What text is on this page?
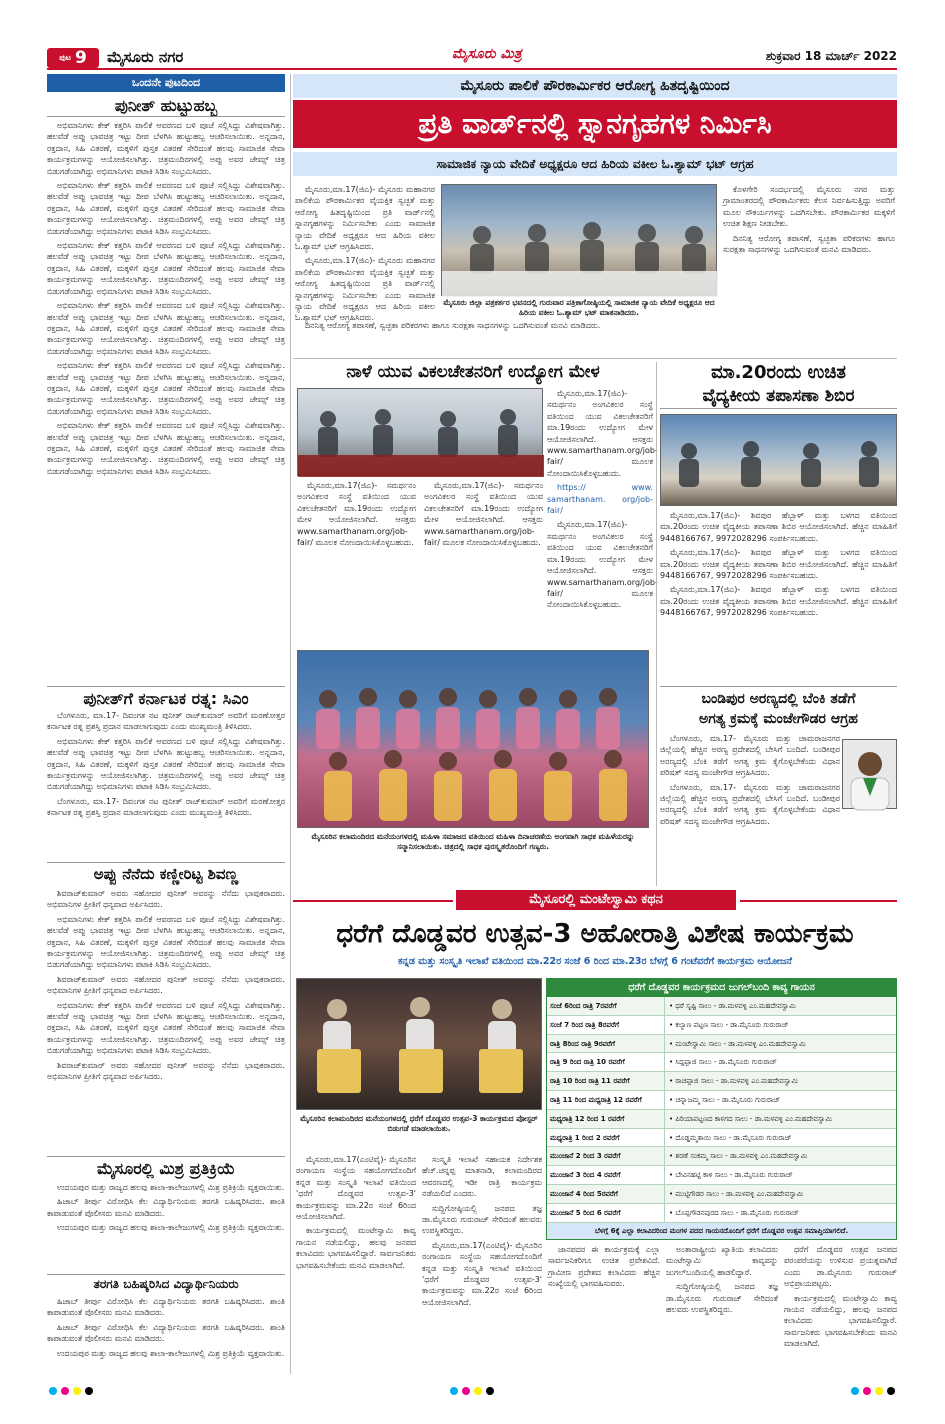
ಪುಟ 9 ಮೈಸೂರು ನಗರ	ಮೈಸೂರು ಮಿತ್ರ	ಶುಕ್ರವಾರ 18 ಮಾರ್ಚ್ 2022
ಒಂದನೇ ಪುಟದಿಂದ
ಪುನೀತ್ ಹುಟ್ಟುಹಬ್ಬ

ಅಭಿಮಾನಿಗಳು ಕೇಕ್ ಕತ್ತರಿಸಿ ಪಾಲಿಕೆ ಆವರಣದ ಬಳಿ ಪೂಜೆ ಸಲ್ಲಿಸಿದ್ದು ವಿಶೇಷವಾಗಿತ್ತು. ಹಲವೆಡೆ ಅಪ್ಪು ಭಾವಚಿತ್ರ ಇಟ್ಟು ದೀಪ ಬೆಳಗಿಸಿ ಹುಟ್ಟುಹಬ್ಬ ಆಚರಿಸಲಾಯಿತು. ಅನ್ನದಾನ, ರಕ್ತದಾನ, ಸಿಹಿ ವಿತರಣೆ, ಮಕ್ಕಳಿಗೆ ಪುಸ್ತಕ ವಿತರಣೆ ಸೇರಿದಂತೆ ಹಲವು ಸಾಮಾಜಿಕ ಸೇವಾ ಕಾರ್ಯಕ್ರಮಗಳನ್ನು ಆಯೋಜಿಸಲಾಗಿತ್ತು. ಚಿತ್ರಮಂದಿರಗಳಲ್ಲಿ ಅಪ್ಪು ಅವರ ಜೇಮ್ಸ್ ಚಿತ್ರ ಬಿಡುಗಡೆಯಾಗಿದ್ದು ಅಭಿಮಾನಿಗಳು ಪಟಾಕಿ ಸಿಡಿಸಿ ಸಂಭ್ರಮಿಸಿದರು.

ಅಭಿಮಾನಿಗಳು ಕೇಕ್ ಕತ್ತರಿಸಿ ಪಾಲಿಕೆ ಆವರಣದ ಬಳಿ ಪೂಜೆ ಸಲ್ಲಿಸಿದ್ದು ವಿಶೇಷವಾಗಿತ್ತು. ಹಲವೆಡೆ ಅಪ್ಪು ಭಾವಚಿತ್ರ ಇಟ್ಟು ದೀಪ ಬೆಳಗಿಸಿ ಹುಟ್ಟುಹಬ್ಬ ಆಚರಿಸಲಾಯಿತು. ಅನ್ನದಾನ, ರಕ್ತದಾನ, ಸಿಹಿ ವಿತರಣೆ, ಮಕ್ಕಳಿಗೆ ಪುಸ್ತಕ ವಿತರಣೆ ಸೇರಿದಂತೆ ಹಲವು ಸಾಮಾಜಿಕ ಸೇವಾ ಕಾರ್ಯಕ್ರಮಗಳನ್ನು ಆಯೋಜಿಸಲಾಗಿತ್ತು. ಚಿತ್ರಮಂದಿರಗಳಲ್ಲಿ ಅಪ್ಪು ಅವರ ಜೇಮ್ಸ್ ಚಿತ್ರ ಬಿಡುಗಡೆಯಾಗಿದ್ದು ಅಭಿಮಾನಿಗಳು ಪಟಾಕಿ ಸಿಡಿಸಿ ಸಂಭ್ರಮಿಸಿದರು.

ಅಭಿಮಾನಿಗಳು ಕೇಕ್ ಕತ್ತರಿಸಿ ಪಾಲಿಕೆ ಆವರಣದ ಬಳಿ ಪೂಜೆ ಸಲ್ಲಿಸಿದ್ದು ವಿಶೇಷವಾಗಿತ್ತು. ಹಲವೆಡೆ ಅಪ್ಪು ಭಾವಚಿತ್ರ ಇಟ್ಟು ದೀಪ ಬೆಳಗಿಸಿ ಹುಟ್ಟುಹಬ್ಬ ಆಚರಿಸಲಾಯಿತು. ಅನ್ನದಾನ, ರಕ್ತದಾನ, ಸಿಹಿ ವಿತರಣೆ, ಮಕ್ಕಳಿಗೆ ಪುಸ್ತಕ ವಿತರಣೆ ಸೇರಿದಂತೆ ಹಲವು ಸಾಮಾಜಿಕ ಸೇವಾ ಕಾರ್ಯಕ್ರಮಗಳನ್ನು ಆಯೋಜಿಸಲಾಗಿತ್ತು. ಚಿತ್ರಮಂದಿರಗಳಲ್ಲಿ ಅಪ್ಪು ಅವರ ಜೇಮ್ಸ್ ಚಿತ್ರ ಬಿಡುಗಡೆಯಾಗಿದ್ದು ಅಭಿಮಾನಿಗಳು ಪಟಾಕಿ ಸಿಡಿಸಿ ಸಂಭ್ರಮಿಸಿದರು.

ಅಭಿಮಾನಿಗಳು ಕೇಕ್ ಕತ್ತರಿಸಿ ಪಾಲಿಕೆ ಆವರಣದ ಬಳಿ ಪೂಜೆ ಸಲ್ಲಿಸಿದ್ದು ವಿಶೇಷವಾಗಿತ್ತು. ಹಲವೆಡೆ ಅಪ್ಪು ಭಾವಚಿತ್ರ ಇಟ್ಟು ದೀಪ ಬೆಳಗಿಸಿ ಹುಟ್ಟುಹಬ್ಬ ಆಚರಿಸಲಾಯಿತು. ಅನ್ನದಾನ, ರಕ್ತದಾನ, ಸಿಹಿ ವಿತರಣೆ, ಮಕ್ಕಳಿಗೆ ಪುಸ್ತಕ ವಿತರಣೆ ಸೇರಿದಂತೆ ಹಲವು ಸಾಮಾಜಿಕ ಸೇವಾ ಕಾರ್ಯಕ್ರಮಗಳನ್ನು ಆಯೋಜಿಸಲಾಗಿತ್ತು. ಚಿತ್ರಮಂದಿರಗಳಲ್ಲಿ ಅಪ್ಪು ಅವರ ಜೇಮ್ಸ್ ಚಿತ್ರ ಬಿಡುಗಡೆಯಾಗಿದ್ದು ಅಭಿಮಾನಿಗಳು ಪಟಾಕಿ ಸಿಡಿಸಿ ಸಂಭ್ರಮಿಸಿದರು.

ಅಭಿಮಾನಿಗಳು ಕೇಕ್ ಕತ್ತರಿಸಿ ಪಾಲಿಕೆ ಆವರಣದ ಬಳಿ ಪೂಜೆ ಸಲ್ಲಿಸಿದ್ದು ವಿಶೇಷವಾಗಿತ್ತು. ಹಲವೆಡೆ ಅಪ್ಪು ಭಾವಚಿತ್ರ ಇಟ್ಟು ದೀಪ ಬೆಳಗಿಸಿ ಹುಟ್ಟುಹಬ್ಬ ಆಚರಿಸಲಾಯಿತು. ಅನ್ನದಾನ, ರಕ್ತದಾನ, ಸಿಹಿ ವಿತರಣೆ, ಮಕ್ಕಳಿಗೆ ಪುಸ್ತಕ ವಿತರಣೆ ಸೇರಿದಂತೆ ಹಲವು ಸಾಮಾಜಿಕ ಸೇವಾ ಕಾರ್ಯಕ್ರಮಗಳನ್ನು ಆಯೋಜಿಸಲಾಗಿತ್ತು. ಚಿತ್ರಮಂದಿರಗಳಲ್ಲಿ ಅಪ್ಪು ಅವರ ಜೇಮ್ಸ್ ಚಿತ್ರ ಬಿಡುಗಡೆಯಾಗಿದ್ದು ಅಭಿಮಾನಿಗಳು ಪಟಾಕಿ ಸಿಡಿಸಿ ಸಂಭ್ರಮಿಸಿದರು.

ಅಭಿಮಾನಿಗಳು ಕೇಕ್ ಕತ್ತರಿಸಿ ಪಾಲಿಕೆ ಆವರಣದ ಬಳಿ ಪೂಜೆ ಸಲ್ಲಿಸಿದ್ದು ವಿಶೇಷವಾಗಿತ್ತು. ಹಲವೆಡೆ ಅಪ್ಪು ಭಾವಚಿತ್ರ ಇಟ್ಟು ದೀಪ ಬೆಳಗಿಸಿ ಹುಟ್ಟುಹಬ್ಬ ಆಚರಿಸಲಾಯಿತು. ಅನ್ನದಾನ, ರಕ್ತದಾನ, ಸಿಹಿ ವಿತರಣೆ, ಮಕ್ಕಳಿಗೆ ಪುಸ್ತಕ ವಿತರಣೆ ಸೇರಿದಂತೆ ಹಲವು ಸಾಮಾಜಿಕ ಸೇವಾ ಕಾರ್ಯಕ್ರಮಗಳನ್ನು ಆಯೋಜಿಸಲಾಗಿತ್ತು. ಚಿತ್ರಮಂದಿರಗಳಲ್ಲಿ ಅಪ್ಪು ಅವರ ಜೇಮ್ಸ್ ಚಿತ್ರ ಬಿಡುಗಡೆಯಾಗಿದ್ದು ಅಭಿಮಾನಿಗಳು ಪಟಾಕಿ ಸಿಡಿಸಿ ಸಂಭ್ರಮಿಸಿದರು.

ಪುನೀತ್‌ಗೆ ಕರ್ನಾಟಕ ರತ್ನ: ಸಿಎಂ

ಬೆಂಗಳೂರು, ಮಾ.17- ದಿವಂಗತ ನಟ ಪುನೀತ್ ರಾಜ್‌ಕುಮಾರ್ ಅವರಿಗೆ ಮರಣೋತ್ತರ ಕರ್ನಾಟಕ ರತ್ನ ಪ್ರಶಸ್ತಿ ಪ್ರದಾನ ಮಾಡಲಾಗುವುದು ಎಂದು ಮುಖ್ಯಮಂತ್ರಿ ತಿಳಿಸಿದರು.

ಅಭಿಮಾನಿಗಳು ಕೇಕ್ ಕತ್ತರಿಸಿ ಪಾಲಿಕೆ ಆವರಣದ ಬಳಿ ಪೂಜೆ ಸಲ್ಲಿಸಿದ್ದು ವಿಶೇಷವಾಗಿತ್ತು. ಹಲವೆಡೆ ಅಪ್ಪು ಭಾವಚಿತ್ರ ಇಟ್ಟು ದೀಪ ಬೆಳಗಿಸಿ ಹುಟ್ಟುಹಬ್ಬ ಆಚರಿಸಲಾಯಿತು. ಅನ್ನದಾನ, ರಕ್ತದಾನ, ಸಿಹಿ ವಿತರಣೆ, ಮಕ್ಕಳಿಗೆ ಪುಸ್ತಕ ವಿತರಣೆ ಸೇರಿದಂತೆ ಹಲವು ಸಾಮಾಜಿಕ ಸೇವಾ ಕಾರ್ಯಕ್ರಮಗಳನ್ನು ಆಯೋಜಿಸಲಾಗಿತ್ತು. ಚಿತ್ರಮಂದಿರಗಳಲ್ಲಿ ಅಪ್ಪು ಅವರ ಜೇಮ್ಸ್ ಚಿತ್ರ ಬಿಡುಗಡೆಯಾಗಿದ್ದು ಅಭಿಮಾನಿಗಳು ಪಟಾಕಿ ಸಿಡಿಸಿ ಸಂಭ್ರಮಿಸಿದರು.

ಬೆಂಗಳೂರು, ಮಾ.17- ದಿವಂಗತ ನಟ ಪುನೀತ್ ರಾಜ್‌ಕುಮಾರ್ ಅವರಿಗೆ ಮರಣೋತ್ತರ ಕರ್ನಾಟಕ ರತ್ನ ಪ್ರಶಸ್ತಿ ಪ್ರದಾನ ಮಾಡಲಾಗುವುದು ಎಂದು ಮುಖ್ಯಮಂತ್ರಿ ತಿಳಿಸಿದರು.

ಅಪ್ಪು ನೆನೆದು ಕಣ್ಣೀರಿಟ್ಟ ಶಿವಣ್ಣ

ಶಿವರಾಜ್‌ಕುಮಾರ್ ಅವರು ಸಹೋದರ ಪುನೀತ್ ಅವರನ್ನು ನೆನೆದು ಭಾವುಕರಾದರು. ಅಭಿಮಾನಿಗಳ ಪ್ರೀತಿಗೆ ಧನ್ಯವಾದ ಅರ್ಪಿಸಿದರು.

ಅಭಿಮಾನಿಗಳು ಕೇಕ್ ಕತ್ತರಿಸಿ ಪಾಲಿಕೆ ಆವರಣದ ಬಳಿ ಪೂಜೆ ಸಲ್ಲಿಸಿದ್ದು ವಿಶೇಷವಾಗಿತ್ತು. ಹಲವೆಡೆ ಅಪ್ಪು ಭಾವಚಿತ್ರ ಇಟ್ಟು ದೀಪ ಬೆಳಗಿಸಿ ಹುಟ್ಟುಹಬ್ಬ ಆಚರಿಸಲಾಯಿತು. ಅನ್ನದಾನ, ರಕ್ತದಾನ, ಸಿಹಿ ವಿತರಣೆ, ಮಕ್ಕಳಿಗೆ ಪುಸ್ತಕ ವಿತರಣೆ ಸೇರಿದಂತೆ ಹಲವು ಸಾಮಾಜಿಕ ಸೇವಾ ಕಾರ್ಯಕ್ರಮಗಳನ್ನು ಆಯೋಜಿಸಲಾಗಿತ್ತು. ಚಿತ್ರಮಂದಿರಗಳಲ್ಲಿ ಅಪ್ಪು ಅವರ ಜೇಮ್ಸ್ ಚಿತ್ರ ಬಿಡುಗಡೆಯಾಗಿದ್ದು ಅಭಿಮಾನಿಗಳು ಪಟಾಕಿ ಸಿಡಿಸಿ ಸಂಭ್ರಮಿಸಿದರು.

ಶಿವರಾಜ್‌ಕುಮಾರ್ ಅವರು ಸಹೋದರ ಪುನೀತ್ ಅವರನ್ನು ನೆನೆದು ಭಾವುಕರಾದರು. ಅಭಿಮಾನಿಗಳ ಪ್ರೀತಿಗೆ ಧನ್ಯವಾದ ಅರ್ಪಿಸಿದರು.

ಅಭಿಮಾನಿಗಳು ಕೇಕ್ ಕತ್ತರಿಸಿ ಪಾಲಿಕೆ ಆವರಣದ ಬಳಿ ಪೂಜೆ ಸಲ್ಲಿಸಿದ್ದು ವಿಶೇಷವಾಗಿತ್ತು. ಹಲವೆಡೆ ಅಪ್ಪು ಭಾವಚಿತ್ರ ಇಟ್ಟು ದೀಪ ಬೆಳಗಿಸಿ ಹುಟ್ಟುಹಬ್ಬ ಆಚರಿಸಲಾಯಿತು. ಅನ್ನದಾನ, ರಕ್ತದಾನ, ಸಿಹಿ ವಿತರಣೆ, ಮಕ್ಕಳಿಗೆ ಪುಸ್ತಕ ವಿತರಣೆ ಸೇರಿದಂತೆ ಹಲವು ಸಾಮಾಜಿಕ ಸೇವಾ ಕಾರ್ಯಕ್ರಮಗಳನ್ನು ಆಯೋಜಿಸಲಾಗಿತ್ತು. ಚಿತ್ರಮಂದಿರಗಳಲ್ಲಿ ಅಪ್ಪು ಅವರ ಜೇಮ್ಸ್ ಚಿತ್ರ ಬಿಡುಗಡೆಯಾಗಿದ್ದು ಅಭಿಮಾನಿಗಳು ಪಟಾಕಿ ಸಿಡಿಸಿ ಸಂಭ್ರಮಿಸಿದರು.

ಶಿವರಾಜ್‌ಕುಮಾರ್ ಅವರು ಸಹೋದರ ಪುನೀತ್ ಅವರನ್ನು ನೆನೆದು ಭಾವುಕರಾದರು. ಅಭಿಮಾನಿಗಳ ಪ್ರೀತಿಗೆ ಧನ್ಯವಾದ ಅರ್ಪಿಸಿದರು.

ಮೈಸೂರಲ್ಲಿ ಮಿಶ್ರ ಪ್ರತಿಕ್ರಿಯೆ

ಉದಯಪುರ ಮತ್ತು ರಾಜ್ಯದ ಹಲವು ಶಾಲಾ-ಕಾಲೇಜುಗಳಲ್ಲಿ ಮಿಶ್ರ ಪ್ರತಿಕ್ರಿಯೆ ವ್ಯಕ್ತವಾಯಿತು.

ಹಿಜಾಬ್ ತೀರ್ಪು ವಿರೋಧಿಸಿ ಕೆಲ ವಿದ್ಯಾರ್ಥಿನಿಯರು ತರಗತಿ ಬಹಿಷ್ಕರಿಸಿದರು. ಶಾಂತಿ ಕಾಪಾಡುವಂತೆ ಪೊಲೀಸರು ಮನವಿ ಮಾಡಿದರು.

ಉದಯಪುರ ಮತ್ತು ರಾಜ್ಯದ ಹಲವು ಶಾಲಾ-ಕಾಲೇಜುಗಳಲ್ಲಿ ಮಿಶ್ರ ಪ್ರತಿಕ್ರಿಯೆ ವ್ಯಕ್ತವಾಯಿತು.

ತರಗತಿ ಬಹಿಷ್ಕರಿಸಿದ ವಿದ್ಯಾರ್ಥಿನಿಯರು

ಹಿಜಾಬ್ ತೀರ್ಪು ವಿರೋಧಿಸಿ ಕೆಲ ವಿದ್ಯಾರ್ಥಿನಿಯರು ತರಗತಿ ಬಹಿಷ್ಕರಿಸಿದರು. ಶಾಂತಿ ಕಾಪಾಡುವಂತೆ ಪೊಲೀಸರು ಮನವಿ ಮಾಡಿದರು.

ಹಿಜಾಬ್ ತೀರ್ಪು ವಿರೋಧಿಸಿ ಕೆಲ ವಿದ್ಯಾರ್ಥಿನಿಯರು ತರಗತಿ ಬಹಿಷ್ಕರಿಸಿದರು. ಶಾಂತಿ ಕಾಪಾಡುವಂತೆ ಪೊಲೀಸರು ಮನವಿ ಮಾಡಿದರು.

ಉದಯಪುರ ಮತ್ತು ರಾಜ್ಯದ ಹಲವು ಶಾಲಾ-ಕಾಲೇಜುಗಳಲ್ಲಿ ಮಿಶ್ರ ಪ್ರತಿಕ್ರಿಯೆ ವ್ಯಕ್ತವಾಯಿತು.

ಮೈಸೂರು ಪಾಲಿಕೆ ಪೌರಕಾರ್ಮಿಕರ ಆರೋಗ್ಯ ಹಿತದೃಷ್ಟಿಯಿಂದ
ಪ್ರತಿ ವಾರ್ಡ್‌ನಲ್ಲಿ ಸ್ನಾನಗೃಹಗಳ ನಿರ್ಮಿಸಿ
ಸಾಮಾಜಿಕ ನ್ಯಾಯ ವೇದಿಕೆ ಅಧ್ಯಕ್ಷರೂ ಆದ ಹಿರಿಯ ವಕೀಲ ಓ.ಶ್ಯಾಮ್ ಭಟ್ ಆಗ್ರಹ

ಮೈಸೂರು,ಮಾ.17(ಜಿಎ)- ಮೈಸೂರು ಮಹಾನಗರ ಪಾಲಿಕೆಯ ಪೌರಕಾರ್ಮಿಕರ ವೈಯಕ್ತಿಕ ಸ್ವಚ್ಛತೆ ಮತ್ತು ಆರೋಗ್ಯ ಹಿತದೃಷ್ಟಿಯಿಂದ ಪ್ರತಿ ವಾರ್ಡ್‌ನಲ್ಲಿ ಸ್ನಾನಗೃಹಗಳನ್ನು ನಿರ್ಮಿಸಬೇಕು ಎಂದು ಸಾಮಾಜಿಕ ನ್ಯಾಯ ವೇದಿಕೆ ಅಧ್ಯಕ್ಷರೂ ಆದ ಹಿರಿಯ ವಕೀಲ ಓ.ಶ್ಯಾಮ್ ಭಟ್ ಆಗ್ರಹಿಸಿದರು.

ಮೈಸೂರು,ಮಾ.17(ಜಿಎ)- ಮೈಸೂರು ಮಹಾನಗರ ಪಾಲಿಕೆಯ ಪೌರಕಾರ್ಮಿಕರ ವೈಯಕ್ತಿಕ ಸ್ವಚ್ಛತೆ ಮತ್ತು ಆರೋಗ್ಯ ಹಿತದೃಷ್ಟಿಯಿಂದ ಪ್ರತಿ ವಾರ್ಡ್‌ನಲ್ಲಿ ಸ್ನಾನಗೃಹಗಳನ್ನು ನಿರ್ಮಿಸಬೇಕು ಎಂದು ಸಾಮಾಜಿಕ ನ್ಯಾಯ ವೇದಿಕೆ ಅಧ್ಯಕ್ಷರೂ ಆದ ಹಿರಿಯ ವಕೀಲ ಓ.ಶ್ಯಾಮ್ ಭಟ್ ಆಗ್ರಹಿಸಿದರು.

ಮೈಸೂರು ಜಿಲ್ಲಾ ಪತ್ರಕರ್ತರ ಭವನದಲ್ಲಿ ಗುರುವಾರ ಪತ್ರಿಕಾಗೋಷ್ಠಿಯಲ್ಲಿ ಸಾಮಾಜಿಕ ನ್ಯಾಯ ವೇದಿಕೆ ಅಧ್ಯಕ್ಷರೂ ಆದ ಹಿರಿಯ ವಕೀಲ ಓ.ಶ್ಯಾಮ್ ಭಟ್ ಮಾತನಾಡಿದರು.

ಕೊಳಗೇರಿ ಸಂದರ್ಭದಲ್ಲಿ ಮೈಸೂರು ನಗರ ಮತ್ತು ಗ್ರಾಮಾಂತರದಲ್ಲಿ ಪೌರಕಾರ್ಮಿಕರು ಕೆಲಸ ನಿರ್ವಹಿಸುತ್ತಿದ್ದು ಅವರಿಗೆ ಮೂಲ ಸೌಕರ್ಯಗಳನ್ನು ಒದಗಿಸಬೇಕು. ಪೌರಕಾರ್ಮಿಕರ ಮಕ್ಕಳಿಗೆ ಉಚಿತ ಶಿಕ್ಷಣ ನೀಡಬೇಕು.

ದಿನನಿತ್ಯ ಆರೋಗ್ಯ ತಪಾಸಣೆ, ಸ್ವಚ್ಛತಾ ಪರಿಕರಗಳು ಹಾಗೂ ಸುರಕ್ಷತಾ ಸಾಧನಗಳನ್ನು ಒದಗಿಸುವಂತೆ ಮನವಿ ಮಾಡಿದರು.

ದಿನನಿತ್ಯ ಆರೋಗ್ಯ ತಪಾಸಣೆ, ಸ್ವಚ್ಛತಾ ಪರಿಕರಗಳು ಹಾಗೂ ಸುರಕ್ಷತಾ ಸಾಧನಗಳನ್ನು ಒದಗಿಸುವಂತೆ ಮನವಿ ಮಾಡಿದರು.

ನಾಳೆ ಯುವ ವಿಕಲಚೇತನರಿಗೆ ಉದ್ಯೋಗ ಮೇಳ

ಮೈಸೂರು,ಮಾ.17(ಜಿಎ)- ಸಮರ್ಥನಂ ಅಂಗವಿಕಲರ ಸಂಸ್ಥೆ ವತಿಯಿಂದ ಯುವ ವಿಕಲಚೇತನರಿಗೆ ಮಾ.19ರಂದು ಉದ್ಯೋಗ ಮೇಳ ಆಯೋಜಿಸಲಾಗಿದೆ. ಆಸಕ್ತರು www.samarthanam.org/job-fair/ ಮೂಲಕ ನೋಂದಾಯಿಸಿಕೊಳ್ಳಬಹುದು.

https:// www. samarthanam. org/job-fair/

ಮೈಸೂರು,ಮಾ.17(ಜಿಎ)- ಸಮರ್ಥನಂ ಅಂಗವಿಕಲರ ಸಂಸ್ಥೆ ವತಿಯಿಂದ ಯುವ ವಿಕಲಚೇತನರಿಗೆ ಮಾ.19ರಂದು ಉದ್ಯೋಗ ಮೇಳ ಆಯೋಜಿಸಲಾಗಿದೆ. ಆಸಕ್ತರು www.samarthanam.org/job-fair/ ಮೂಲಕ ನೋಂದಾಯಿಸಿಕೊಳ್ಳಬಹುದು.

ಮೈಸೂರು,ಮಾ.17(ಜಿಎ)- ಸಮರ್ಥನಂ ಅಂಗವಿಕಲರ ಸಂಸ್ಥೆ ವತಿಯಿಂದ ಯುವ ವಿಕಲಚೇತನರಿಗೆ ಮಾ.19ರಂದು ಉದ್ಯೋಗ ಮೇಳ ಆಯೋಜಿಸಲಾಗಿದೆ. ಆಸಕ್ತರು www.samarthanam.org/job-fair/ ಮೂಲಕ ನೋಂದಾಯಿಸಿಕೊಳ್ಳಬಹುದು.

ಮೈಸೂರು,ಮಾ.17(ಜಿಎ)- ಸಮರ್ಥನಂ ಅಂಗವಿಕಲರ ಸಂಸ್ಥೆ ವತಿಯಿಂದ ಯುವ ವಿಕಲಚೇತನರಿಗೆ ಮಾ.19ರಂದು ಉದ್ಯೋಗ ಮೇಳ ಆಯೋಜಿಸಲಾಗಿದೆ. ಆಸಕ್ತರು www.samarthanam.org/job-fair/ ಮೂಲಕ ನೋಂದಾಯಿಸಿಕೊಳ್ಳಬಹುದು.

ಮಾ.20ರಂದು ಉಚಿತ
ವೈದ್ಯಕೀಯ ತಪಾಸಣಾ ಶಿಬಿರ

ಮೈಸೂರು,ಮಾ.17(ಜಿಎ)- ಶಿವಪುರ ಹೆಬ್ಬಾಳ್ ಮತ್ತು ಬಳಗದ ವತಿಯಿಂದ ಮಾ.20ರಂದು ಉಚಿತ ವೈದ್ಯಕೀಯ ತಪಾಸಣಾ ಶಿಬಿರ ಆಯೋಜಿಸಲಾಗಿದೆ. ಹೆಚ್ಚಿನ ಮಾಹಿತಿಗೆ 9448166767, 9972028296 ಸಂಪರ್ಕಿಸಬಹುದು.

ಮೈಸೂರು,ಮಾ.17(ಜಿಎ)- ಶಿವಪುರ ಹೆಬ್ಬಾಳ್ ಮತ್ತು ಬಳಗದ ವತಿಯಿಂದ ಮಾ.20ರಂದು ಉಚಿತ ವೈದ್ಯಕೀಯ ತಪಾಸಣಾ ಶಿಬಿರ ಆಯೋಜಿಸಲಾಗಿದೆ. ಹೆಚ್ಚಿನ ಮಾಹಿತಿಗೆ 9448166767, 9972028296 ಸಂಪರ್ಕಿಸಬಹುದು.

ಮೈಸೂರು,ಮಾ.17(ಜಿಎ)- ಶಿವಪುರ ಹೆಬ್ಬಾಳ್ ಮತ್ತು ಬಳಗದ ವತಿಯಿಂದ ಮಾ.20ರಂದು ಉಚಿತ ವೈದ್ಯಕೀಯ ತಪಾಸಣಾ ಶಿಬಿರ ಆಯೋಜಿಸಲಾಗಿದೆ. ಹೆಚ್ಚಿನ ಮಾಹಿತಿಗೆ 9448166767, 9972028296 ಸಂಪರ್ಕಿಸಬಹುದು.

ಬಂಡಿಪುರ ಅರಣ್ಯದಲ್ಲಿ ಬೆಂಕಿ ತಡೆಗೆ
ಅಗತ್ಯ ಕ್ರಮಕ್ಕೆ ಮಂಜೇಗೌಡರ ಆಗ್ರಹ

ಬೆಂಗಳೂರು, ಮಾ.17- ಮೈಸೂರು ಮತ್ತು ಚಾಮರಾಜನಗರ ಜಿಲ್ಲೆಯಲ್ಲಿ ಹೆಚ್ಚಿನ ಅರಣ್ಯ ಪ್ರದೇಶದಲ್ಲಿ ಬೇಸಿಗೆ ಬಂದಿದೆ. ಬಂಡೀಪುರ ಅರಣ್ಯದಲ್ಲಿ ಬೆಂಕಿ ತಡೆಗೆ ಅಗತ್ಯ ಕ್ರಮ ಕೈಗೊಳ್ಳಬೇಕೆಂದು ವಿಧಾನ ಪರಿಷತ್ ಸದಸ್ಯ ಮಂಜೇಗೌಡ ಆಗ್ರಹಿಸಿದರು.

ಬೆಂಗಳೂರು, ಮಾ.17- ಮೈಸೂರು ಮತ್ತು ಚಾಮರಾಜನಗರ ಜಿಲ್ಲೆಯಲ್ಲಿ ಹೆಚ್ಚಿನ ಅರಣ್ಯ ಪ್ರದೇಶದಲ್ಲಿ ಬೇಸಿಗೆ ಬಂದಿದೆ. ಬಂಡೀಪುರ ಅರಣ್ಯದಲ್ಲಿ ಬೆಂಕಿ ತಡೆಗೆ ಅಗತ್ಯ ಕ್ರಮ ಕೈಗೊಳ್ಳಬೇಕೆಂದು ವಿಧಾನ ಪರಿಷತ್ ಸದಸ್ಯ ಮಂಜೇಗೌಡ ಆಗ್ರಹಿಸಿದರು.

ಮೈಸೂರಿನ ಕಲಾಮಂದಿರದ ಮನೆಯಂಗಳದಲ್ಲಿ ಮಹಿಳಾ ಸಮಾಜದ ವತಿಯಿಂದ ಮಹಿಳಾ ದಿನಾಚರಣೆಯ ಅಂಗವಾಗಿ ಸಾಧಕ ಮಹಿಳೆಯರನ್ನು ಸನ್ಮಾನಿಸಲಾಯಿತು. ಚಿತ್ರದಲ್ಲಿ ಸಾಧಕ ಪುರಸ್ಕೃತರೊಂದಿಗೆ ಗಣ್ಯರು.
ಮೈಸೂರಲ್ಲಿ ಮಂಟೇಸ್ವಾಮಿ ಕಥನ
ಧರೆಗೆ ದೊಡ್ಡವರ ಉತ್ಸವ-3 ಅಹೋರಾತ್ರಿ ವಿಶೇಷ ಕಾರ್ಯಕ್ರಮ
ಕನ್ನಡ ಮತ್ತು ಸಂಸ್ಕೃತಿ ಇಲಾಖೆ ವತಿಯಿಂದ ಮಾ.22ರ ಸಂಜೆ 6 ರಿಂದ ಮಾ.23ರ ಬೆಳಗ್ಗೆ 6 ಗಂಟೆವರೆಗೆ ಕಾರ್ಯಕ್ರಮ ಆಯೋಜನೆ
ಮೈಸೂರಿನ ಕಲಾಮಂದಿರದ ಮನೆಯಂಗಳದಲ್ಲಿ ಧರೆಗೆ ದೊಡ್ಡವರ ಉತ್ಸವ-3 ಕಾರ್ಯಕ್ರಮದ ಪೋಸ್ಟರ್ ಬಿಡುಗಡೆ ಮಾಡಲಾಯಿತು.
ಧರೆಗೆ ದೊಡ್ಡವರ ಕಾರ್ಯಕ್ರಮದ ಜುಗಲ್‌ಬಂದಿ ಕಾವ್ಯ ಗಾಯನ
ಸಂಜೆ 6ರಿಂದ ರಾತ್ರಿ 7ರವರೆಗೆ	• ಧರೆ ಸೃಷ್ಟಿ ಸಾಲು - ಡಾ.ಮಳವಳ್ಳಿ ಎಂ.ಮಹದೇವಸ್ವಾಮಿ
ಸಂಜೆ 7 ರಿಂದ ರಾತ್ರಿ 8ರವರೆಗೆ	• ಕಲ್ಯಾಣ ಪಟ್ಟಣ ಸಾಲು - ಡಾ.ಮೈಸೂರು ಗುರುರಾಜ್
ರಾತ್ರಿ 8ರಿಂದ ರಾತ್ರಿ 9ರವರೆಗೆ	• ಮಂಟೇಸ್ವಾಮಿ ಸಾಲು - ಡಾ.ಮಳವಳ್ಳಿ ಎಂ.ಮಹದೇವಸ್ವಾಮಿ
ರಾತ್ರಿ 9 ರಿಂದ ರಾತ್ರಿ 10 ರವರೆಗೆ	• ಸಿದ್ದಪ್ಪಾಜಿ ಸಾಲು - ಡಾ.ಮೈಸೂರು ಗುರುರಾಜ್
ರಾತ್ರಿ 10 ರಿಂದ ರಾತ್ರಿ 11 ರವರೆಗೆ	• ರಾಚಪ್ಪಾಜಿ ಸಾಲು - ಡಾ.ಮಳವಳ್ಳಿ ಎಂ.ಮಹದೇವಸ್ವಾಮಿ
ರಾತ್ರಿ 11 ರಿಂದ ಮಧ್ಯರಾತ್ರಿ 12 ರವರೆಗೆ	• ಚನ್ನಾಜಮ್ಮ ಸಾಲು - ಡಾ.ಮೈಸೂರು ಗುರುರಾಜ್
ಮಧ್ಯರಾತ್ರಿ 12 ರಿಂದ 1 ರವರೆಗೆ	• ಪಿರಿಯಾಪಟ್ಟಣದ ಕಾಳಗದ ಸಾಲು - ಡಾ.ಮಳವಳ್ಳಿ ಎಂ.ಮಹದೇವಸ್ವಾಮಿ
ಮಧ್ಯರಾತ್ರಿ 1 ರಿಂದ 2 ರವರೆಗೆ	• ದೊಡ್ಡಮ್ಮತಾಯಿ ಸಾಲು - ಡಾ.ಮೈಸೂರು ಗುರುರಾಜ್
ಮುಂಜಾನೆ 2 ರಿಂದ 3 ರವರೆಗೆ	• ಶರಣೆ ಸಂಕಮ್ಮ ಸಾಲು - ಡಾ.ಮಳವಳ್ಳಿ ಎಂ.ಮಹದೇವಸ್ವಾಮಿ
ಮುಂಜಾನೆ 3 ರಿಂದ 4 ರವರೆಗೆ	• ಬೇವಿನಹಟ್ಟಿ ಕಾಳಿ ಸಾಲು - ಡಾ.ಮೈಸೂರು ಗುರುರಾಜ್
ಮುಂಜಾನೆ 4 ರಿಂದ 5ರವರೆಗೆ	• ಮುಟ್ಟಿಗೌಡರ ಸಾಲು - ಡಾ.ಮಳವಳ್ಳಿ ಎಂ.ಮಹದೇವಸ್ವಾಮಿ
ಮುಂಜಾನೆ 5 ರಿಂದ 6 ರವರೆಗೆ	• ಬೊಪ್ಪಗೌಡನಪುರದ ಸಾಲು - ಡಾ.ಮೈಸೂರು ಗುರುರಾಜ್
ಬೆಳಗ್ಗೆ 6ಕ್ಕೆ ಎಲ್ಲಾ ಕಲಾವಿದರಿಂದ ಮಂಗಳ ಪದದ ಗಾಯನದೊಂದಿಗೆ ಧರೆಗೆ ದೊಡ್ಡವರ ಉತ್ಸವ ಸಮಾಪ್ತಿಯಾಗಲಿದೆ.

ಮೈಸೂರು,ಮಾ.17(ಎಂಟಿವೈ)- ಮೈಸೂರಿನ ರಂಗಾಯಣ ಸಂಸ್ಥೆಯ ಸಹಯೋಗದೊಂದಿಗೆ ಕನ್ನಡ ಮತ್ತು ಸಂಸ್ಕೃತಿ ಇಲಾಖೆ ವತಿಯಿಂದ 'ಧರೆಗೆ ದೊಡ್ಡವರ ಉತ್ಸವ-3' ಕಾರ್ಯಕ್ರಮವನ್ನು ಮಾ.22ರ ಸಂಜೆ 6ರಿಂದ ಆಯೋಜಿಸಲಾಗಿದೆ.

ಕಾರ್ಯಕ್ರಮದಲ್ಲಿ ಮಂಟೇಸ್ವಾಮಿ ಕಾವ್ಯ ಗಾಯನ ನಡೆಯಲಿದ್ದು, ಹಲವು ಜನಪದ ಕಲಾವಿದರು ಭಾಗವಹಿಸಲಿದ್ದಾರೆ. ಸಾರ್ವಜನಿಕರು ಭಾಗವಹಿಸಬೇಕೆಂದು ಮನವಿ ಮಾಡಲಾಗಿದೆ.

ಸಂಸ್ಕೃತಿ ಇಲಾಖೆ ಸಹಾಯಕ ನಿರ್ದೇಶಕ ಹೆಚ್.ಚನ್ನಪ್ಪ ಮಾತನಾಡಿ, ಕಲಾಮಂದಿರದ ಆವರಣದಲ್ಲಿ ಇಡೀ ರಾತ್ರಿ ಕಾರ್ಯಕ್ರಮ ನಡೆಯಲಿದೆ ಎಂದರು.

ಸುದ್ದಿಗೋಷ್ಠಿಯಲ್ಲಿ ಜನಪದ ತಜ್ಞ ಡಾ.ಮೈಸೂರು ಗುರುರಾಜ್ ಸೇರಿದಂತೆ ಹಲವರು ಉಪಸ್ಥಿತರಿದ್ದರು.

ಮೈಸೂರು,ಮಾ.17(ಎಂಟಿವೈ)- ಮೈಸೂರಿನ ರಂಗಾಯಣ ಸಂಸ್ಥೆಯ ಸಹಯೋಗದೊಂದಿಗೆ ಕನ್ನಡ ಮತ್ತು ಸಂಸ್ಕೃತಿ ಇಲಾಖೆ ವತಿಯಿಂದ 'ಧರೆಗೆ ದೊಡ್ಡವರ ಉತ್ಸವ-3' ಕಾರ್ಯಕ್ರಮವನ್ನು ಮಾ.22ರ ಸಂಜೆ 6ರಿಂದ ಆಯೋಜಿಸಲಾಗಿದೆ.

ಜಾನಪದರ ಈ ಕಾರ್ಯಕ್ರಮಕ್ಕೆ ಎಲ್ಲಾ ಸಾರ್ವಜನಿಕರಿಗೂ ಉಚಿತ ಪ್ರವೇಶವಿದೆ. ಗ್ರಾಮೀಣ ಪ್ರದೇಶದ ಕಲಾವಿದರು ಹೆಚ್ಚಿನ ಸಂಖ್ಯೆಯಲ್ಲಿ ಭಾಗವಹಿಸುವರು.

ಅಂತಾರಾಷ್ಟ್ರೀಯ ಖ್ಯಾತಿಯ ಕಲಾವಿದರು ಮಂಟೇಸ್ವಾಮಿ ಕಾವ್ಯವನ್ನು ಜುಗಲ್‌ಬಂದಿಯಲ್ಲಿ ಹಾಡಲಿದ್ದಾರೆ.

ಸುದ್ದಿಗೋಷ್ಠಿಯಲ್ಲಿ ಜನಪದ ತಜ್ಞ ಡಾ.ಮೈಸೂರು ಗುರುರಾಜ್ ಸೇರಿದಂತೆ ಹಲವರು ಉಪಸ್ಥಿತರಿದ್ದರು.

ಧರೆಗೆ ದೊಡ್ಡವರ ಉತ್ಸವ ಜನಪದ ಪರಂಪರೆಯನ್ನು ಉಳಿಸುವ ಪ್ರಯತ್ನವಾಗಿದೆ ಎಂದು ಡಾ.ಮೈಸೂರು ಗುರುರಾಜ್ ಅಭಿಪ್ರಾಯಪಟ್ಟರು.

ಕಾರ್ಯಕ್ರಮದಲ್ಲಿ ಮಂಟೇಸ್ವಾಮಿ ಕಾವ್ಯ ಗಾಯನ ನಡೆಯಲಿದ್ದು, ಹಲವು ಜನಪದ ಕಲಾವಿದರು ಭಾಗವಹಿಸಲಿದ್ದಾರೆ. ಸಾರ್ವಜನಿಕರು ಭಾಗವಹಿಸಬೇಕೆಂದು ಮನವಿ ಮಾಡಲಾಗಿದೆ.
